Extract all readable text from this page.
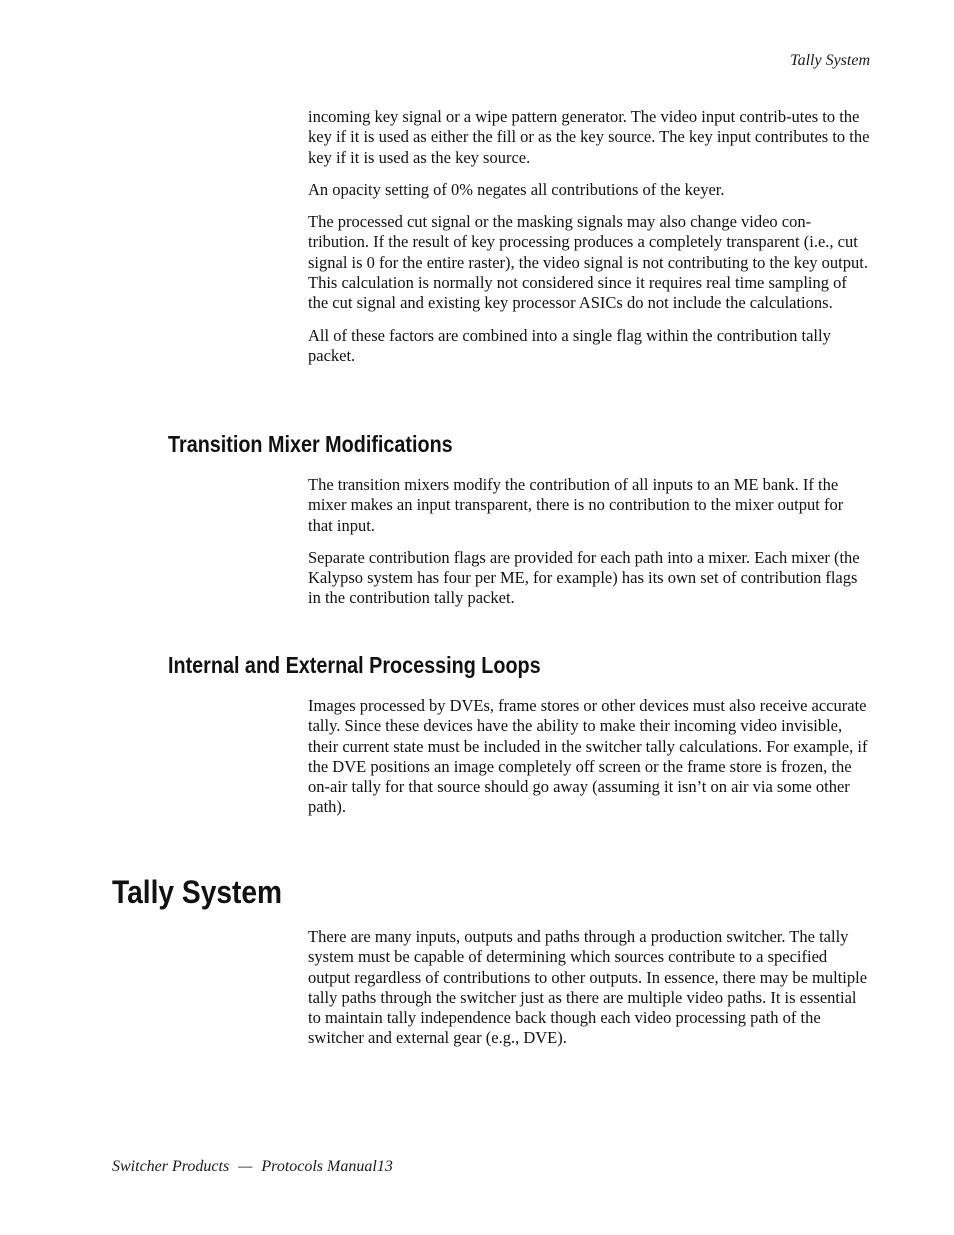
Tally System

incoming key signal or a wipe pattern generator. The video input contrib-utes to the key if it is used as either the fill or as the key source. The key input contributes to the key if it is used as the key source.

An opacity setting of 0% negates all contributions of the keyer.

The processed cut signal or the masking signals may also change video con-tribution. If the result of key processing produces a completely transparent (i.e., cut signal is 0 for the entire raster), the video signal is not contributing to the key output. This calculation is normally not considered since it requires real time sampling of the cut signal and existing key processor ASICs do not include the calculations.

All of these factors are combined into a single flag within the contribution tally packet.

Transition Mixer Modifications

The transition mixers modify the contribution of all inputs to an ME bank. If the mixer makes an input transparent, there is no contribution to the mixer output for that input.

Separate contribution flags are provided for each path into a mixer. Each mixer (the Kalypso system has four per ME, for example) has its own set of contribution flags in the contribution tally packet.

Internal and External Processing Loops

Images processed by DVEs, frame stores or other devices must also receive accurate tally. Since these devices have the ability to make their incoming video invisible, their current state must be included in the switcher tally calculations. For example, if the DVE positions an image completely off screen or the frame store is frozen, the on-air tally for that source should go away (assuming it isn’t on air via some other path).

Tally System

There are many inputs, outputs and paths through a production switcher. The tally system must be capable of determining which sources contribute to a specified output regardless of contributions to other outputs. In essence, there may be multiple tally paths through the switcher just as there are multiple video paths. It is essential to maintain tally independence back though each video processing path of the switcher and external gear (e.g., DVE).

Switcher Products — Protocols Manual13
